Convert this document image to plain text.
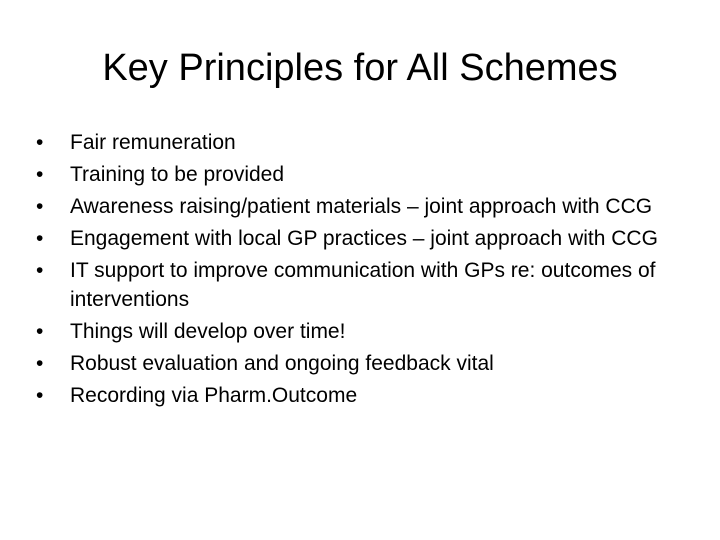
Key Principles for All Schemes
•	Fair remuneration
•	Training to be provided
•	Awareness raising/patient materials – joint approach with CCG
•	Engagement with local GP practices – joint approach with CCG
•	IT support to improve communication with GPs re: outcomes of interventions
•	Things will develop over time!
•	Robust evaluation and ongoing feedback vital
•	Recording via Pharm.Outcome
